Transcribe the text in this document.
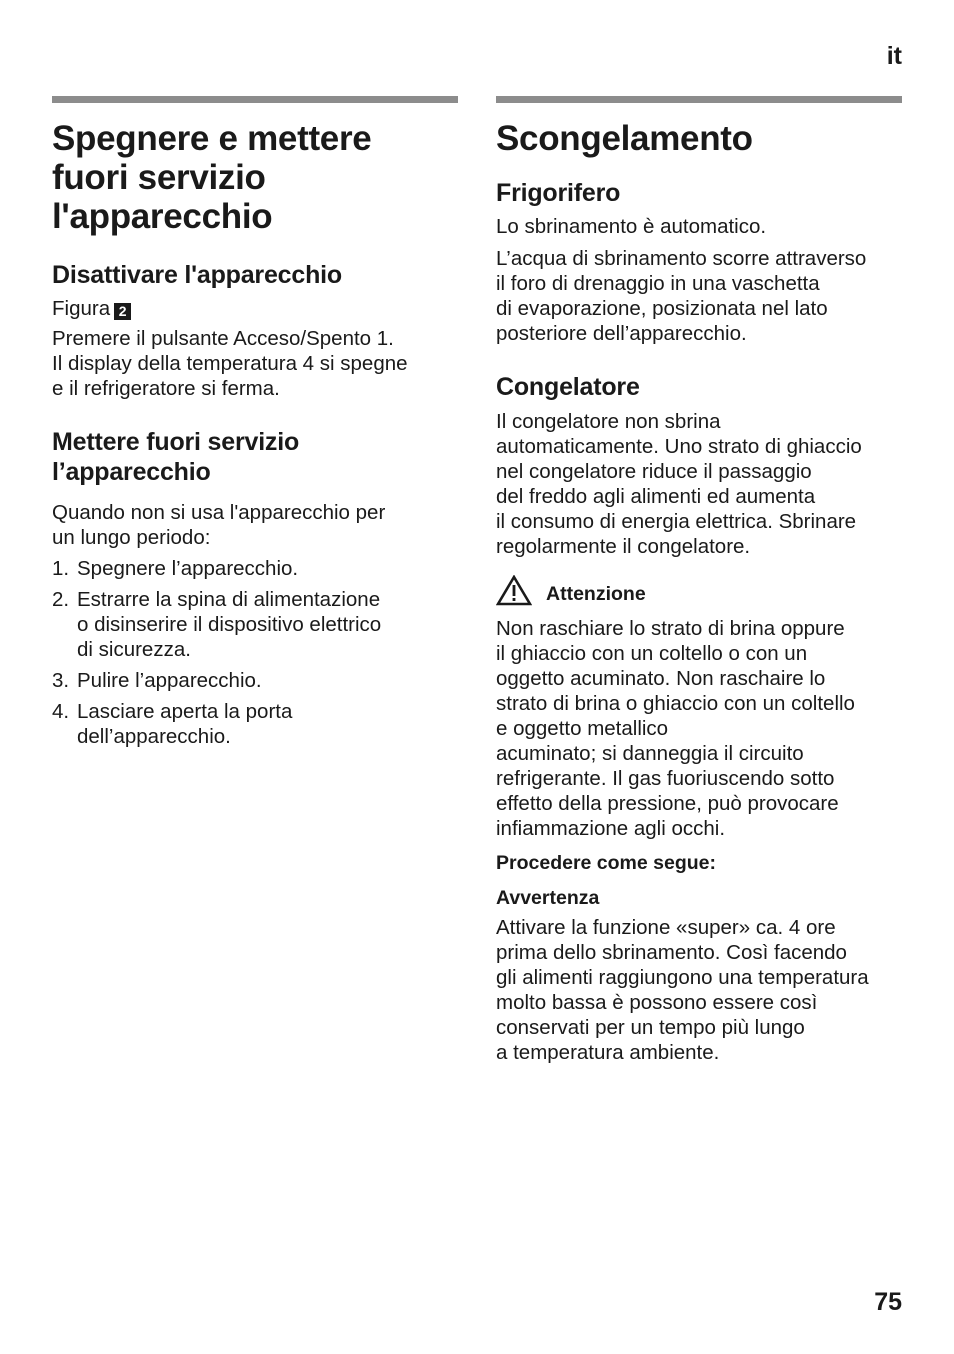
it
Spegnere e mettere
fuori servizio
l'apparecchio
Disattivare l'apparecchio

Figura 2

Premere il pulsante Acceso/Spento 1.
Il display della temperatura 4 si spegne
e il refrigeratore si ferma.

Mettere fuori servizio
l’apparecchio

Quando non si usa l'apparecchio per
un lungo periodo:

1. Spegnere l’apparecchio.
2. Estrarre la spina di alimentazione
o disinserire il dispositivo elettrico
di sicurezza.
3. Pulire l’apparecchio.
4. Lasciare aperta la porta
dell’apparecchio.
Scongelamento
Frigorifero

Lo sbrinamento è automatico.

L’acqua di sbrinamento scorre attraverso
il foro di drenaggio in una vaschetta
di evaporazione, posizionata nel lato
posteriore dell’apparecchio.

Congelatore

Il congelatore non sbrina
automaticamente. Uno strato di ghiaccio
nel congelatore riduce il passaggio
del freddo agli alimenti ed aumenta
il consumo di energia elettrica. Sbrinare
regolarmente il congelatore.

Attenzione

Non raschiare lo strato di brina oppure
il ghiaccio con un coltello o con un
oggetto acuminato. Non raschaire lo
strato di brina o ghiaccio con un coltello
e oggetto metallico
acuminato; si danneggia il circuito
refrigerante. Il gas fuoriuscendo sotto
effetto della pressione, può provocare
infiammazione agli occhi.

Procedere come segue:

Avvertenza

Attivare la funzione «super» ca. 4 ore
prima dello sbrinamento. Così facendo
gli alimenti raggiungono una temperatura
molto bassa è possono essere così
conservati per un tempo più lungo
a temperatura ambiente.

75
